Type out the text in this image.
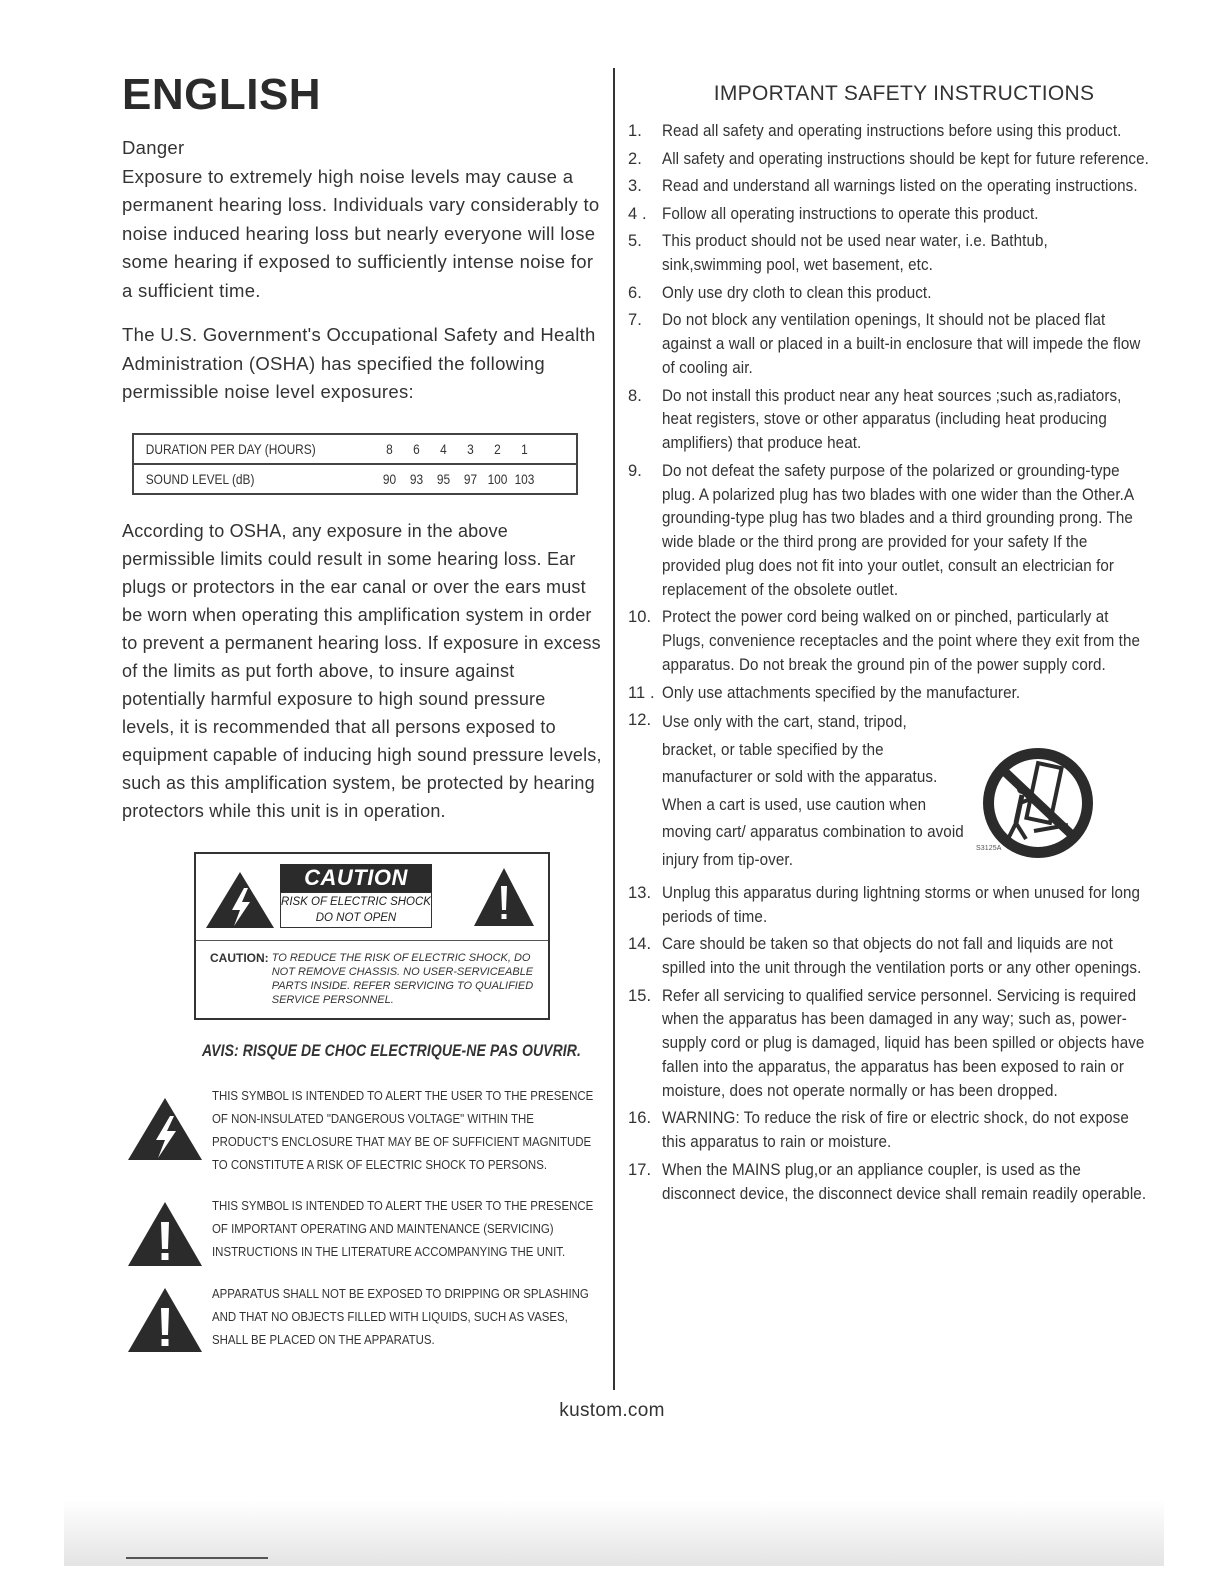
ENGLISH
Danger

Exposure to extremely high noise levels may cause a permanent hearing loss. Individuals vary considerably to noise induced hearing loss but nearly everyone will lose some hearing if exposed to sufficiently intense noise for a sufficient time.

The U.S. Government's Occupational Safety and Health Administration (OSHA) has specified the following permissible noise level exposures:

DURATION PER DAY (HOURS)	8	6	4	3	2	1	
SOUND LEVEL (dB)	90	93	95	97	100	103	

According to OSHA, any exposure in the above permissible limits could result in some hearing loss. Ear plugs or protectors in the ear canal or over the ears must be worn when operating this amplification system in order to prevent a permanent hearing loss. If exposure in excess of the limits as put forth above, to insure against potentially harmful exposure to high sound pressure levels, it is recommended that all persons exposed to equipment capable of inducing high sound pressure levels, such as this amplification system, be protected by hearing protectors while this unit is in operation.

CAUTION
RISK OF ELECTRIC SHOCK
DO NOT OPEN
CAUTION: TO REDUCE THE RISK OF ELECTRIC SHOCK, DO
NOT REMOVE CHASSIS. NO USER-SERVICEABLE
PARTS INSIDE. REFER SERVICING TO QUALIFIED
SERVICE PERSONNEL.
AVIS: RISQUE DE CHOC ELECTRIQUE-NE PAS OUVRIR.
THIS SYMBOL IS INTENDED TO ALERT THE USER TO THE PRESENCE
OF NON-INSULATED "DANGEROUS VOLTAGE" WITHIN THE
PRODUCT'S ENCLOSURE THAT MAY BE OF SUFFICIENT MAGNITUDE
TO CONSTITUTE A RISK OF ELECTRIC SHOCK TO PERSONS.
THIS SYMBOL IS INTENDED TO ALERT THE USER TO THE PRESENCE
OF IMPORTANT OPERATING AND MAINTENANCE (SERVICING)
INSTRUCTIONS IN THE LITERATURE ACCOMPANYING THE UNIT.
APPARATUS SHALL NOT BE EXPOSED TO DRIPPING OR SPLASHING
AND THAT NO OBJECTS FILLED WITH LIQUIDS, SUCH AS VASES,
SHALL BE PLACED ON THE APPARATUS.
IMPORTANT SAFETY INSTRUCTIONS
1.	Read all safety and operating instructions before using this product.
2.	All safety and operating instructions should be kept for future reference.
3.	Read and understand all warnings listed on the operating instructions.
4 . Follow all operating instructions to operate this product.
5.	This product should not be used near water, i.e. Bathtub, sink,swimming pool, wet basement, etc.
6.	Only use dry cloth to clean this product.
7.	Do not block any ventilation openings, It should not be placed flat against a wall or placed in a built-in enclosure that will impede the flow of cooling air.
8.	Do not install this product near any heat sources ;such as,radiators, heat registers, stove or other apparatus (including heat producing amplifiers) that produce heat.
9.	Do not defeat the safety purpose of the polarized or grounding-type plug. A polarized plug has two blades with one wider than the Other.A grounding-type plug has two blades and a third grounding prong. The wide blade or the third prong are provided for your safety If the provided plug does not fit into your outlet, consult an electrician for replacement of the obsolete outlet.
10. Protect the power cord being walked on or pinched, particularly at Plugs, convenience receptacles and the point where they exit from the apparatus. Do not break the ground pin of the power supply cord.
11 . Only use attachments specified by the manufacturer.
12. Use only with the cart, stand, tripod, bracket, or table specified by the manufacturer or sold with the apparatus. When a cart is used, use caution when moving cart/ apparatus combination to avoid injury from tip-over.
S3125A
13. Unplug this apparatus during lightning storms or when unused for long periods of time.
14. Care should be taken so that objects do not fall and liquids are not spilled into the unit through the ventilation ports or any other openings.
15. Refer all servicing to qualified service personnel. Servicing is required when the apparatus has been damaged in any way; such as, power-supply cord or plug is damaged, liquid has been spilled or objects have fallen into the apparatus, the apparatus has been exposed to rain or moisture, does not operate normally or has been dropped.
16. WARNING: To reduce the risk of fire or electric shock, do not expose this apparatus to rain or moisture.
17. When the MAINS plug,or an appliance coupler, is used as the disconnect device, the disconnect device shall remain readily operable.
kustom.com
